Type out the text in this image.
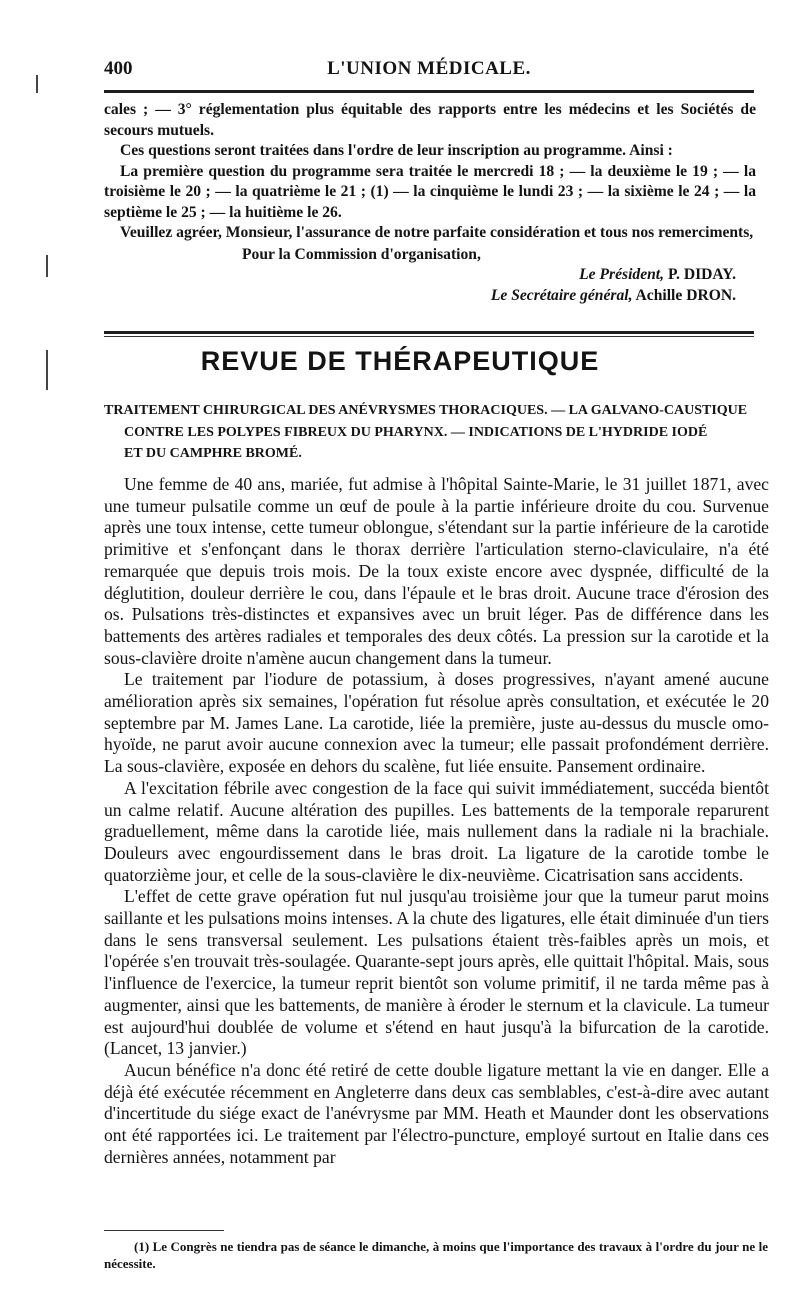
400	L'UNION MÉDICALE.

cales ; — 3° réglementation plus équitable des rapports entre les médecins et les Sociétés de secours mutuels.

Ces questions seront traitées dans l'ordre de leur inscription au programme. Ainsi :

La première question du programme sera traitée le mercredi 18 ; — la deuxième le 19 ; — la troisième le 20 ; — la quatrième le 21 ; (1) — la cinquième le lundi 23 ; — la sixième le 24 ; — la septième le 25 ; — la huitième le 26.

Veuillez agréer, Monsieur, l'assurance de notre parfaite considération et tous nos remerciments,

Pour la Commission d'organisation,

Le Président, P. DIDAY.

Le Secrétaire général, Achille DRON.

REVUE DE THÉRAPEUTIQUE
TRAITEMENT CHIRURGICAL DES ANÉVRYSMES THORACIQUES. — LA GALVANO-CAUSTIQUE
CONTRE LES POLYPES FIBREUX DU PHARYNX. — INDICATIONS DE L'HYDRIDE IODÉ
ET DU CAMPHRE BROMÉ.

Une femme de 40 ans, mariée, fut admise à l'hôpital Sainte-Marie, le 31 juillet 1871, avec une tumeur pulsatile comme un œuf de poule à la partie inférieure droite du cou. Survenue après une toux intense, cette tumeur oblongue, s'étendant sur la partie inférieure de la carotide primitive et s'enfonçant dans le thorax derrière l'articulation sterno-claviculaire, n'a été remarquée que depuis trois mois. De la toux existe encore avec dyspnée, difficulté de la déglutition, douleur derrière le cou, dans l'épaule et le bras droit. Aucune trace d'érosion des os. Pulsations très-distinctes et expansives avec un bruit léger. Pas de différence dans les battements des artères radiales et temporales des deux côtés. La pression sur la carotide et la sous-clavière droite n'amène aucun changement dans la tumeur.

Le traitement par l'iodure de potassium, à doses progressives, n'ayant amené aucune amélioration après six semaines, l'opération fut résolue après consultation, et exécutée le 20 septembre par M. James Lane. La carotide, liée la première, juste au-dessus du muscle omo-hyoïde, ne parut avoir aucune connexion avec la tumeur; elle passait profondément derrière. La sous-clavière, exposée en dehors du scalène, fut liée ensuite. Pansement ordinaire.

A l'excitation fébrile avec congestion de la face qui suivit immédiatement, succéda bientôt un calme relatif. Aucune altération des pupilles. Les battements de la temporale reparurent graduellement, même dans la carotide liée, mais nullement dans la radiale ni la brachiale. Douleurs avec engourdissement dans le bras droit. La ligature de la carotide tombe le quatorzième jour, et celle de la sous-clavière le dix-neuvième. Cicatrisation sans accidents.

L'effet de cette grave opération fut nul jusqu'au troisième jour que la tumeur parut moins saillante et les pulsations moins intenses. A la chute des ligatures, elle était diminuée d'un tiers dans le sens transversal seulement. Les pulsations étaient très-faibles après un mois, et l'opérée s'en trouvait très-soulagée. Quarante-sept jours après, elle quittait l'hôpital. Mais, sous l'influence de l'exercice, la tumeur reprit bientôt son volume primitif, il ne tarda même pas à augmenter, ainsi que les battements, de manière à éroder le sternum et la clavicule. La tumeur est aujourd'hui doublée de volume et s'étend en haut jusqu'à la bifurcation de la carotide. (Lancet, 13 janvier.)

Aucun bénéfice n'a donc été retiré de cette double ligature mettant la vie en danger. Elle a déjà été exécutée récemment en Angleterre dans deux cas semblables, c'est-à-dire avec autant d'incertitude du siége exact de l'anévrysme par MM. Heath et Maunder dont les observations ont été rapportées ici. Le traitement par l'électro-puncture, employé surtout en Italie dans ces dernières années, notamment par

(1) Le Congrès ne tiendra pas de séance le dimanche, à moins que l'importance des travaux à l'ordre du jour ne le nécessite.
